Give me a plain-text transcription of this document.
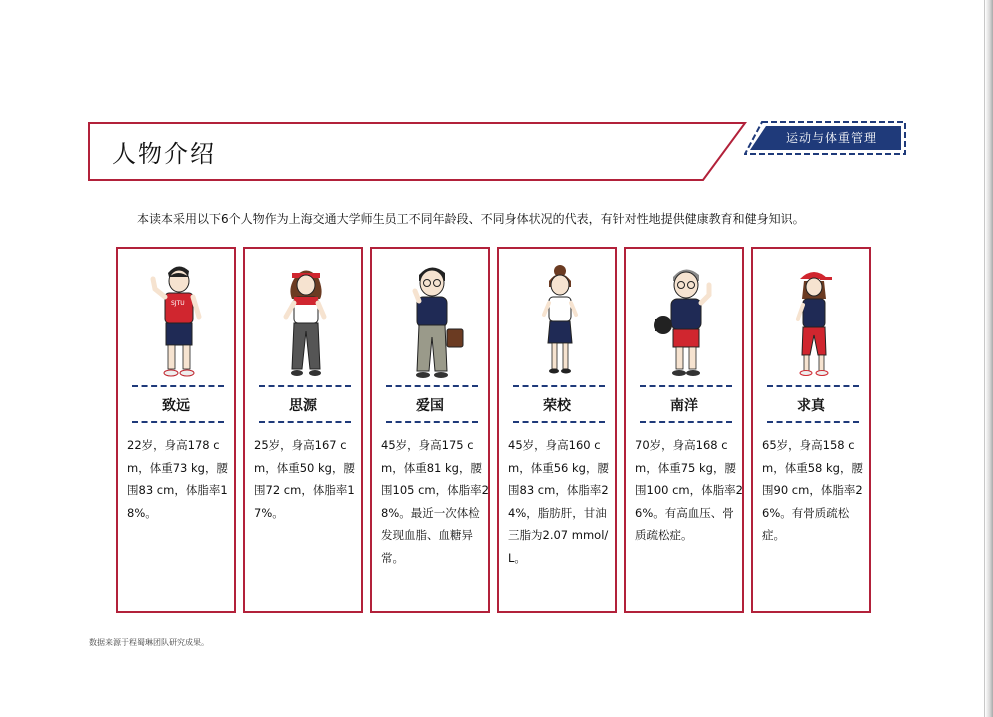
人物介绍
运动与体重管理
本读本采用以下6个人物作为上海交通大学师生员工不同年龄段、不同身体状况的代表，有针对性地提供健康教育和健身知识。
SJTU
致远
22岁，身高178 cm，体重73 kg，腰围83 cm，体脂率18%。
思源
25岁，身高167 cm，体重50 kg，腰围72 cm，体脂率17%。
爱国
45岁，身高175 cm，体重81 kg，腰围105 cm，体脂率28%。最近一次体检发现血脂、血糖异常。
荣校
45岁，身高160 cm，体重56 kg，腰围83 cm，体脂率24%，脂肪肝，甘油三脂为2.07 mmol/L。
南洋
70岁，身高168 cm，体重75 kg，腰围100 cm，体脂率26%。有高血压、骨质疏松症。
求真
65岁，身高158 cm，体重58 kg，腰围90 cm，体脂率26%。有骨质疏松症。
数据来源于程蜀琳团队研究成果。
